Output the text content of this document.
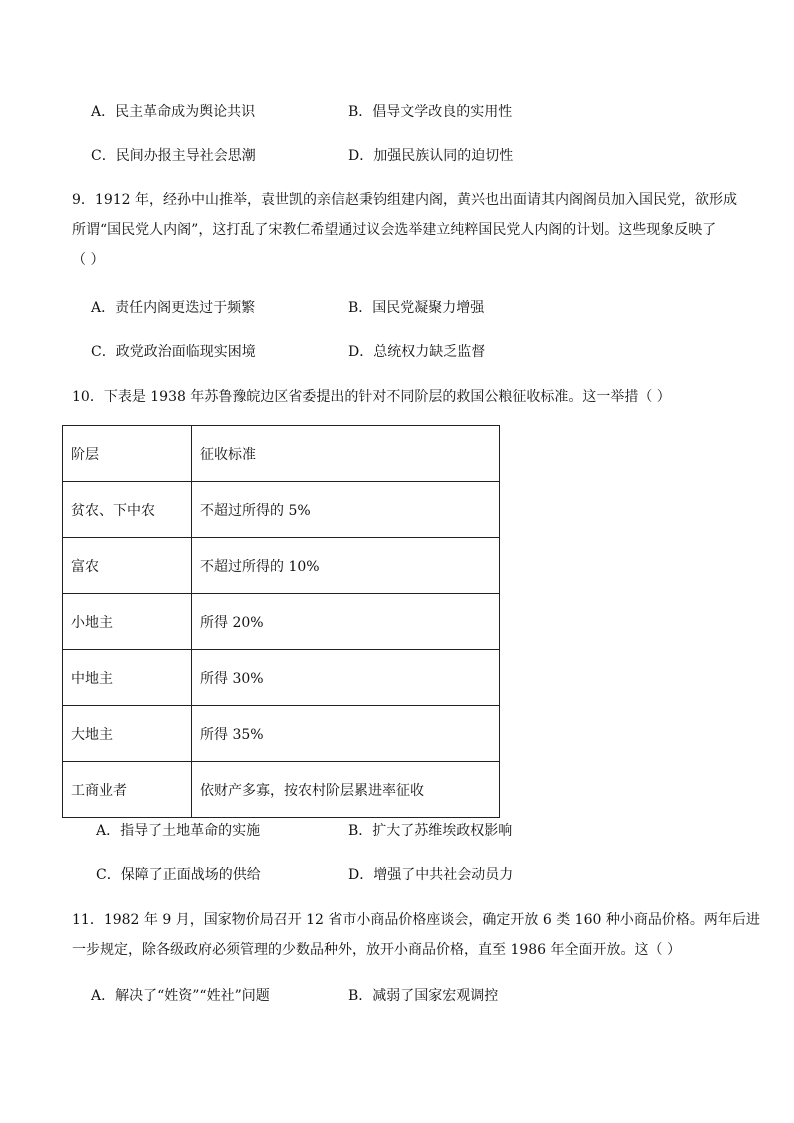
A．民主革命成为舆论共识	B．倡导文学改良的实用性
C．民间办报主导社会思潮	D．加强民族认同的迫切性
9．1912 年，经孙中山推举，袁世凯的亲信赵秉钧组建内阁，黄兴也出面请其内阁阁员加入国民党，欲形成
所谓“国民党人内阁”，这打乱了宋教仁希望通过议会选举建立纯粹国民党人内阁的计划。这些现象反映了
（ ）
A．责任内阁更迭过于频繁	B．国民党凝聚力增强
C．政党政治面临现实困境	D．总统权力缺乏监督
10．下表是 1938 年苏鲁豫皖边区省委提出的针对不同阶层的救国公粮征收标准。这一举措（ ）
阶层	征收标准
贫农、下中农	不超过所得的 5%
富农	不超过所得的 10%
小地主	所得 20%
中地主	所得 30%
大地主	所得 35%
工商业者	依财产多寡，按农村阶层累进率征收
A．指导了土地革命的实施	B．扩大了苏维埃政权影响
C．保障了正面战场的供给	D．增强了中共社会动员力
11．1982 年 9 月，国家物价局召开 12 省市小商品价格座谈会，确定开放 6 类 160 种小商品价格。两年后进
一步规定，除各级政府必须管理的少数品种外，放开小商品价格，直至 1986 年全面开放。这（ ）
A．解决了“姓资”“姓社”问题	B．减弱了国家宏观调控
